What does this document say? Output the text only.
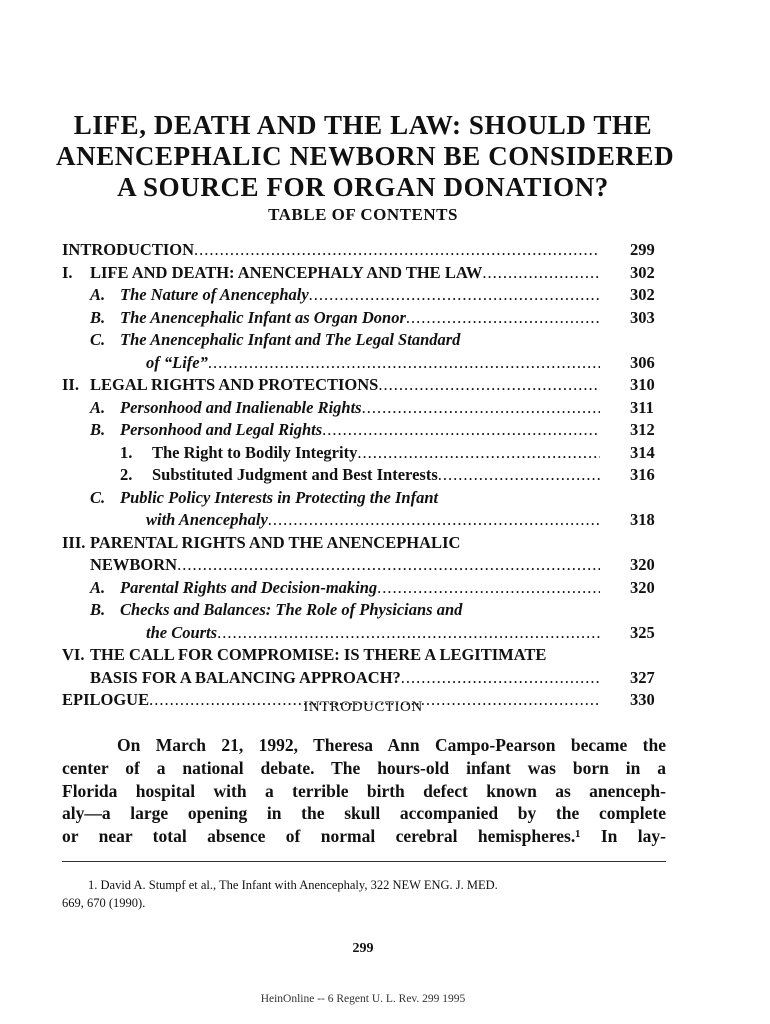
LIFE, DEATH AND THE LAW: SHOULD THE
ANENCEPHALIC NEWBORN BE CONSIDERED
A SOURCE FOR ORGAN DONATION?
TABLE OF CONTENTS
INTRODUCTION .....	299
I. LIFE AND DEATH: ANENCEPHALY AND THE LAW .....	302
A. The Nature of Anencephaly .....	302
B. The Anencephalic Infant as Organ Donor .....	303
C. The Anencephalic Infant and The Legal Standard
of “Life” .....	306
II. LEGAL RIGHTS AND PROTECTIONS .....	310
A. Personhood and Inalienable Rights .....	311
B. Personhood and Legal Rights .....	312
1. The Right to Bodily Integrity .....	314
2. Substituted Judgment and Best Interests .....	316
C. Public Policy Interests in Protecting the Infant
with Anencephaly .....	318
III. PARENTAL RIGHTS AND THE ANENCEPHALIC
NEWBORN .....	320
A. Parental Rights and Decision-making .....	320
B. Checks and Balances: The Role of Physicians and
the Courts .....	325
VI. THE CALL FOR COMPROMISE: IS THERE A LEGITIMATE
BASIS FOR A BALANCING APPROACH? .....	327
EPILOGUE .....	330
INTRODUCTION
On March 21, 1992, Theresa Ann Campo-Pearson became the
center of a national debate. The hours-old infant was born in a
Florida hospital with a terrible birth defect known as anenceph-
aly—a large opening in the skull accompanied by the complete
or near total absence of normal cerebral hemispheres.¹ In lay-
1. David A. Stumpf et al., The Infant with Anencephaly, 322 NEW ENG. J. MED.
669, 670 (1990).
299
HeinOnline -- 6 Regent U. L. Rev. 299 1995
